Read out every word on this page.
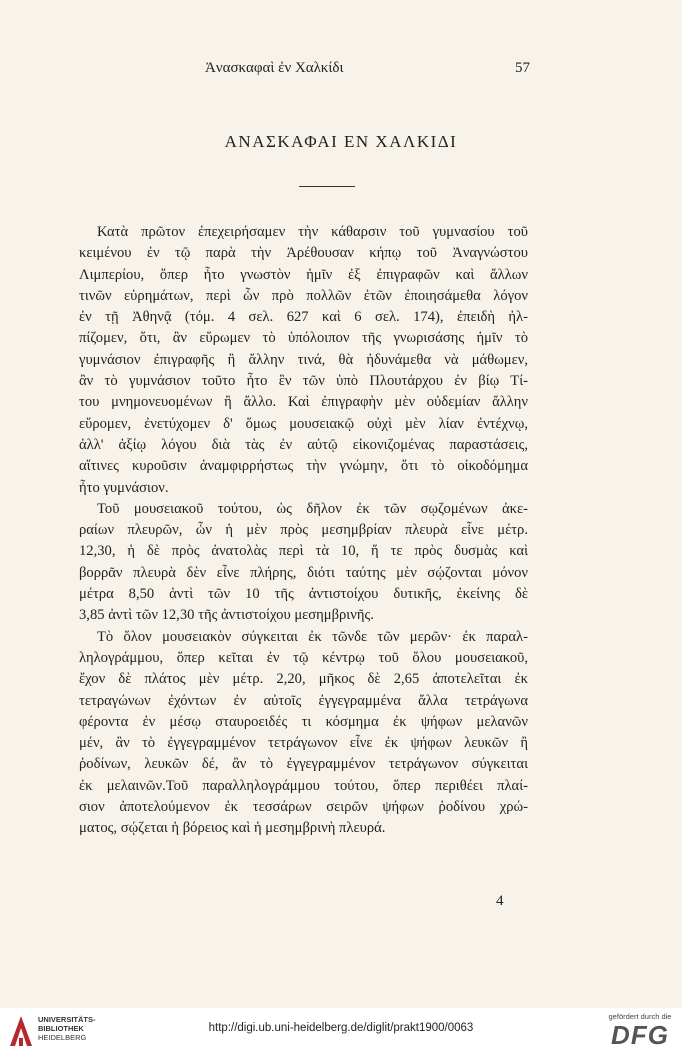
Ἀνασκαφαὶ ἐν Χαλκίδι	57
ΑΝΑΣΚΑΦΑΙ ΕΝ ΧΑΛΚΙΔΙ
Κατὰ πρῶτον ἐπεχειρήσαμεν τὴν κάθαρσιν τοῦ γυμνασίου τοῦ
κειμένου ἐν τῷ παρὰ τὴν Ἀρέθουσαν κήπῳ τοῦ Ἀναγνώστου
Λιμπερίου, ὅπερ ἦτο γνωστὸν ἡμῖν ἐξ ἐπιγραφῶν καὶ ἄλλων
τινῶν εὑρημάτων, περὶ ὧν πρὸ πολλῶν ἐτῶν ἐποιησάμεθα λόγον
ἐν τῇ Ἀθηνᾷ (τόμ. 4 σελ. 627 καὶ 6 σελ. 174), ἐπειδὴ ἠλ-
πίζομεν, ὅτι, ἂν εὕρωμεν τὸ ὑπόλοιπον τῆς γνωρισάσης ἡμῖν τὸ
γυμνάσιον ἐπιγραφῆς ἢ ἄλλην τινά, θὰ ἠδυνάμεθα νὰ μάθωμεν,
ἂν τὸ γυμνάσιον τοῦτο ἦτο ἓν τῶν ὑπὸ Πλουτάρχου ἐν βίῳ Τί-
του μνημονευομένων ἢ ἄλλο. Καὶ ἐπιγραφὴν μὲν οὐδεμίαν ἄλλην
εὕρομεν, ἐνετύχομεν δ' ὅμως μουσειακῷ οὐχὶ μὲν λίαν ἐντέχνῳ,
ἀλλ' ἀξίῳ λόγου διὰ τὰς ἐν αὐτῷ εἰκονιζομένας παραστάσεις,
αἵτινες κυροῦσιν ἀναμφιρρήστως τὴν γνώμην, ὅτι τὸ οἰκοδόμημα
ἦτο γυμνάσιον.
Τοῦ μουσειακοῦ τούτου, ὡς δῆλον ἐκ τῶν σῳζομένων ἀκε-
ραίων πλευρῶν, ὧν ἡ μὲν πρὸς μεσημβρίαν πλευρὰ εἶνε μέτρ.
12,30, ἡ δὲ πρὸς ἀνατολὰς περὶ τὰ 10, ἥ τε πρὸς δυσμὰς καὶ
βορρᾶν πλευρὰ δὲν εἶνε πλήρης, διότι ταύτης μὲν σῴζονται μόνον
μέτρα 8,50 ἀντὶ τῶν 10 τῆς ἀντιστοίχου δυτικῆς, ἐκείνης δὲ
3,85 ἀντὶ τῶν 12,30 τῆς ἀντιστοίχου μεσημβρινῆς.
Τὸ ὅλον μουσειακὸν σύγκειται ἐκ τῶνδε τῶν μερῶν· ἐκ παραλ-
ληλογράμμου, ὅπερ κεῖται ἐν τῷ κέντρῳ τοῦ ὅλου μουσειακοῦ,
ἔχον δὲ πλάτος μὲν μέτρ. 2,20, μῆκος δὲ 2,65 ἀποτελεῖται ἐκ
τετραγώνων ἐχόντων ἐν αὐτοῖς ἐγγεγραμμένα ἄλλα τετράγωνα
φέροντα ἐν μέσῳ σταυροειδές τι κόσμημα ἐκ ψήφων μελανῶν
μέν, ἂν τὸ ἐγγεγραμμένον τετράγωνον εἶνε ἐκ ψήφων λευκῶν ἢ
ῥοδίνων, λευκῶν δέ, ἂν τὸ ἐγγεγραμμένον τετράγωνον σύγκειται
ἐκ μελαινῶν.Τοῦ παραλληλογράμμου τούτου, ὅπερ περιθέει πλαί-
σιον ἀποτελούμενον ἐκ τεσσάρων σειρῶν ψήφων ῥοδίνου χρώ-
ματος, σῴζεται ἡ βόρειος καὶ ἡ μεσημβρινὴ πλευρά.
4
UNIVERSITÄTS-
BIBLIOTHEK
HEIDELBERG
http://digi.ub.uni-heidelberg.de/diglit/prakt1900/0063
gefördert durch die
DFG
